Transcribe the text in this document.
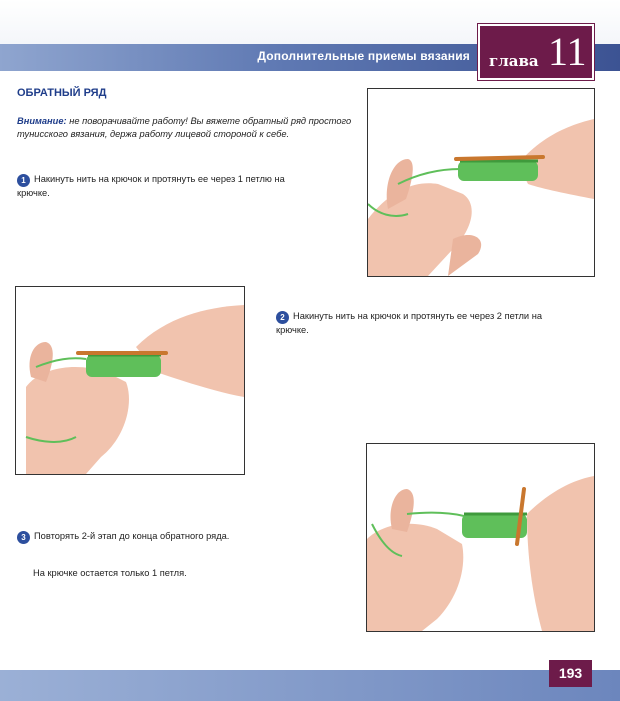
Дополнительные приемы вязания глава 11
ОБРАТНЫЙ РЯД
Внимание: не поворачивайте работу! Вы вяжете обратный ряд простого тунисского вязания, держа работу лицевой стороной к себе.
1 Накинуть нить на крючок и протянуть ее через 1 петлю на крючке.
2 Накинуть нить на крючок и протянуть ее через 2 петли на крючке.
3 Повторять 2-й этап до конца обратного ряда.
На крючке остается только 1 петля.
193
